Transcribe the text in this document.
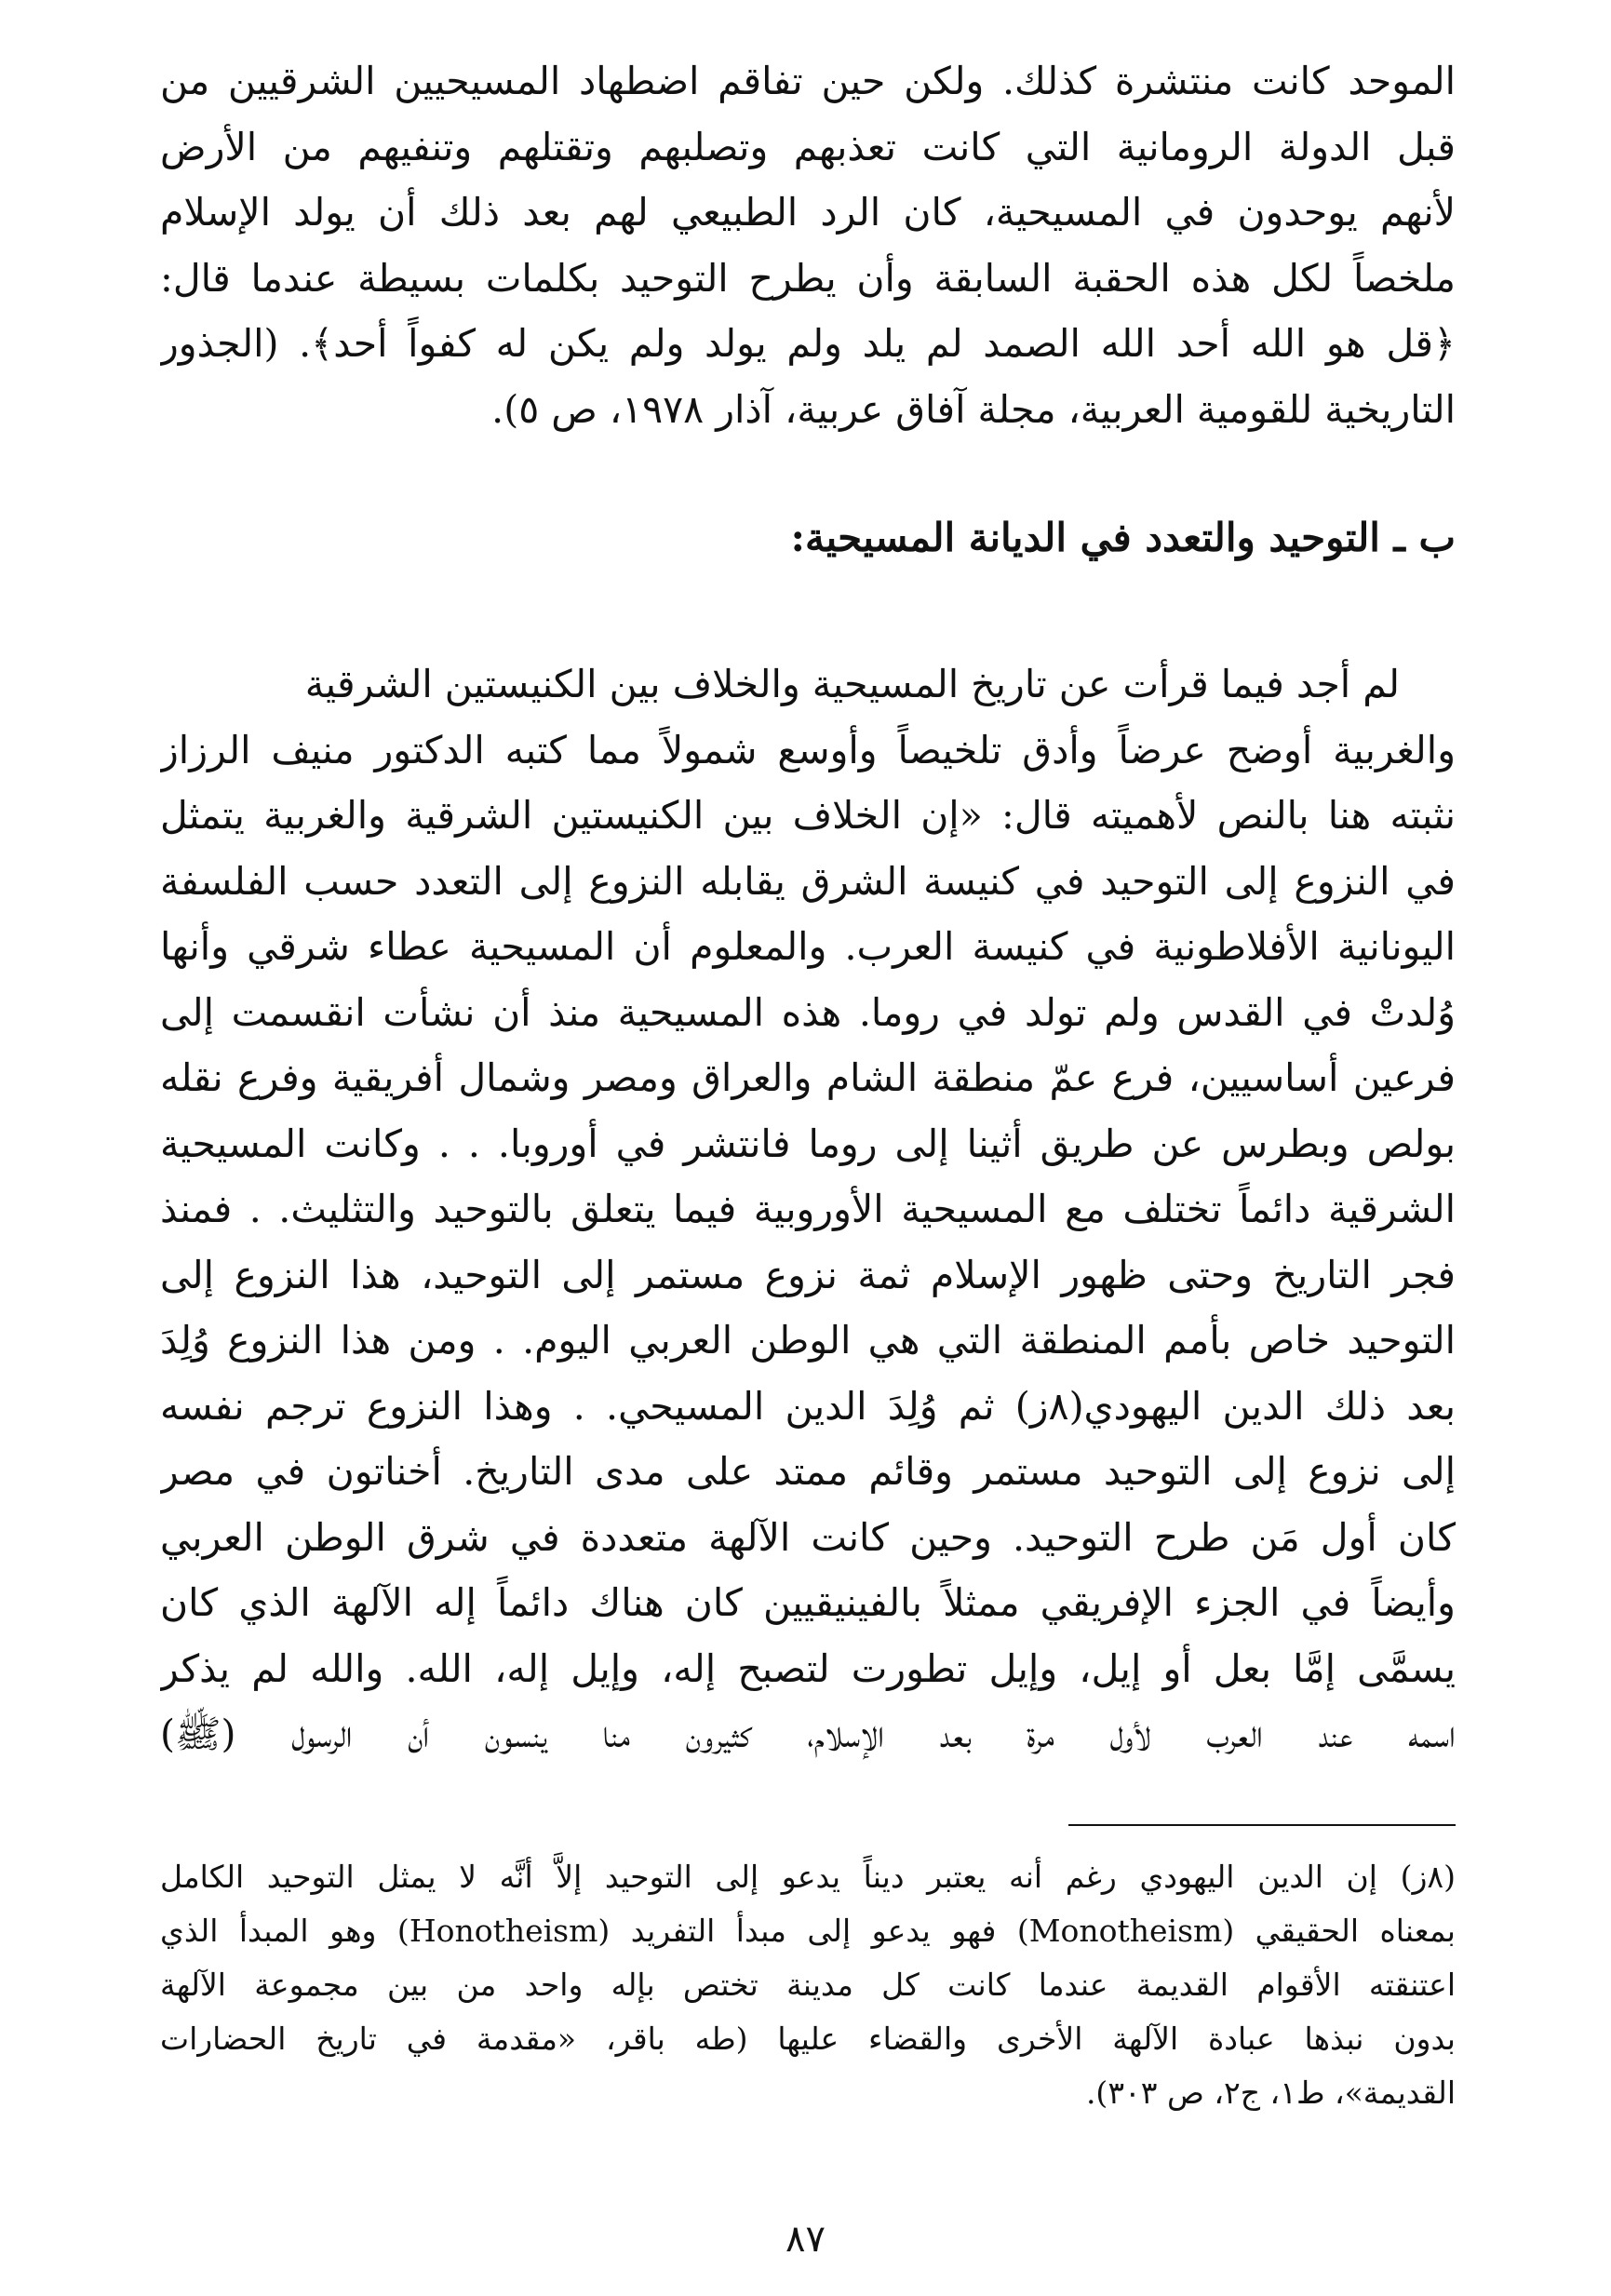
الموحد كانت منتشرة كذلك. ولكن حين تفاقم اضطهاد المسيحيين الشرقيين من
قبل الدولة الرومانية التي كانت تعذبهم وتصلبهم وتقتلهم وتنفيهم من الأرض
لأنهم يوحدون في المسيحية، كان الرد الطبيعي لهم بعد ذلك أن يولد الإسلام
ملخصاً لكل هذه الحقبة السابقة وأن يطرح التوحيد بكلمات بسيطة عندما قال:
﴿قل هو الله أحد الله الصمد لم يلد ولم يولد ولم يكن له كفواً أحد﴾. (الجذور
التاريخية للقومية العربية، مجلة آفاق عربية، آذار ١٩٧٨، ص ٥).
ب ـ التوحيد والتعدد في الديانة المسيحية:
لم أجد فيما قرأت عن تاريخ المسيحية والخلاف بين الكنيستين الشرقية
والغربية أوضح عرضاً وأدق تلخيصاً وأوسع شمولاً مما كتبه الدكتور منيف الرزاز
نثبته هنا بالنص لأهميته قال: «إن الخلاف بين الكنيستين الشرقية والغربية يتمثل
في النزوع إلى التوحيد في كنيسة الشرق يقابله النزوع إلى التعدد حسب الفلسفة
اليونانية الأفلاطونية في كنيسة العرب. والمعلوم أن المسيحية عطاء شرقي وأنها
وُلدتْ في القدس ولم تولد في روما. هذه المسيحية منذ أن نشأت انقسمت إلى
فرعين أساسيين، فرع عمّ منطقة الشام والعراق ومصر وشمال أفريقية وفرع نقله
بولص وبطرس عن طريق أثينا إلى روما فانتشر في أوروبا. . . وكانت المسيحية
الشرقية دائماً تختلف مع المسيحية الأوروبية فيما يتعلق بالتوحيد والتثليث. . فمنذ
فجر التاريخ وحتى ظهور الإسلام ثمة نزوع مستمر إلى التوحيد، هذا النزوع إلى
التوحيد خاص بأمم المنطقة التي هي الوطن العربي اليوم. . ومن هذا النزوع وُلِدَ
بعد ذلك الدين اليهودي(٨ز) ثم وُلِدَ الدين المسيحي. . وهذا النزوع ترجم نفسه
إلى نزوع إلى التوحيد مستمر وقائم ممتد على مدى التاريخ. أخناتون في مصر
كان أول مَن طرح التوحيد. وحين كانت الآلهة متعددة في شرق الوطن العربي
وأيضاً في الجزء الإفريقي ممثلاً بالفينيقيين كان هناك دائماً إله الآلهة الذي كان
يسمَّى إمَّا بعل أو إيل، وإيل تطورت لتصبح إله، وإيل إله، الله. والله لم يذكر
اسمه عند العرب لأول مرة بعد الإسلام، كثيرون منا ينسون أن الرسول (ﷺ)
(٨ز) إن الدين اليهودي رغم أنه يعتبر ديناً يدعو إلى التوحيد إلاَّ أنَّه لا يمثل التوحيد الكامل
بمعناه الحقيقي (Monotheism) فهو يدعو إلى مبدأ التفريد (Honotheism) وهو المبدأ الذي
اعتنقته الأقوام القديمة عندما كانت كل مدينة تختص بإله واحد من بين مجموعة الآلهة
بدون نبذها عبادة الآلهة الأخرى والقضاء عليها (طه باقر، «مقدمة في تاريخ الحضارات
القديمة»، ط١، ج٢، ص ٣٠٣).
٨٧
